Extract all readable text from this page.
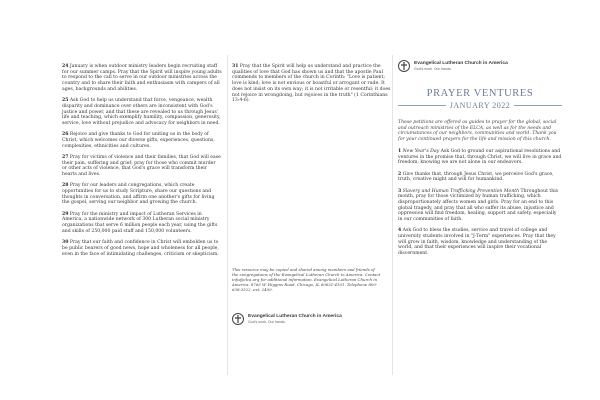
24 January is when outdoor ministry leaders begin recruiting staff for our summer camps. Pray that the Spirit will inspire young adults to respond to the call to serve in our outdoor ministries across the country and to share their faith and enthusiasm with campers of all ages, backgrounds and abilities.
25 Ask God to help us understand that force, vengeance, wealth disparity and dominance over others are inconsistent with God's justice and power, and that these are revealed to us through Jesus' life and teaching, which exemplify humility, compassion, generosity, service, love without prejudice and advocacy for neighbors in need.
26 Rejoice and give thanks to God for uniting us in the body of Christ, which welcomes our diverse gifts, experiences, questions, complexities, ethnicities and cultures.
27 Pray for victims of violence and their families, that God will ease their pain, suffering and grief; pray for those who commit murder or other acts of violence, that God's grace will transform their hearts and lives.
28 Pray for our leaders and congregations, which create opportunities for us to study Scripture, share our questions and thoughts in conversation, and affirm one another's gifts for living the gospel, serving our neighbor and growing the church.
29 Pray for the ministry and impact of Lutheran Services in America, a nationwide network of 300 Lutheran social ministry organizations that serve 6 million people each year, using the gifts and skills of 250,000 paid staff and 150,000 volunteers.
30 Pray that our faith and confidence in Christ will embolden us to be public bearers of good news, hope and wholeness for all people, even in the face of intimidating challenges, criticism or skepticism.
31 Pray that the Spirit will help us understand and practice the qualities of love that God has shown us and that the apostle Paul commends to members of the church in Corinth: "Love is patient; love is kind; love is not envious or boastful or arrogant or rude. It does not insist on its own way; it is not irritable or resentful; it does not rejoice in wrongdoing, but rejoices in the truth" (1 Corinthians 13:4-6).
This resource may be copied and shared among members and friends of the congregations of the Evangelical Lutheran Church in America. Contact info@elca.org for additional information. Evangelical Lutheran Church in America, 8765 W. Higgins Road, Chicago, IL 60631-4101. Telephone 800-638-3522, ext. 2450.
Evangelical Lutheran Church in America
God's work. Our hands.
Evangelical Lutheran Church in America
God's work. Our hands.
PRAYER VENTURES
JANUARY 2022
These petitions are offered as guides to prayer for the global, social and outreach ministries of the ELCA, as well as for the needs and circumstances of our neighbors, communities and world. Thank you for your continued prayers for the life and mission of this church.
1 New Year's Day Ask God to ground our aspirational resolutions and ventures in the promise that, through Christ, we will live in grace and freedom, knowing we are not alone in our endeavors.
2 Give thanks that, through Jesus Christ, we perceive God's grace, truth, creative might and will for humankind.
3 Slavery and Human Trafficking Prevention Month Throughout this month, pray for those victimized by human trafficking, which disproportionately affects women and girls. Pray for an end to this global tragedy, and pray that all who suffer its abuse, injustice and oppression will find freedom, healing, support and safety, especially in our communities of faith.
4 Ask God to bless the studies, service and travel of college and university students involved in "J-Term" experiences. Pray that they will grow in faith, wisdom, knowledge and understanding of the world, and that their experiences will inspire their vocational discernment.
